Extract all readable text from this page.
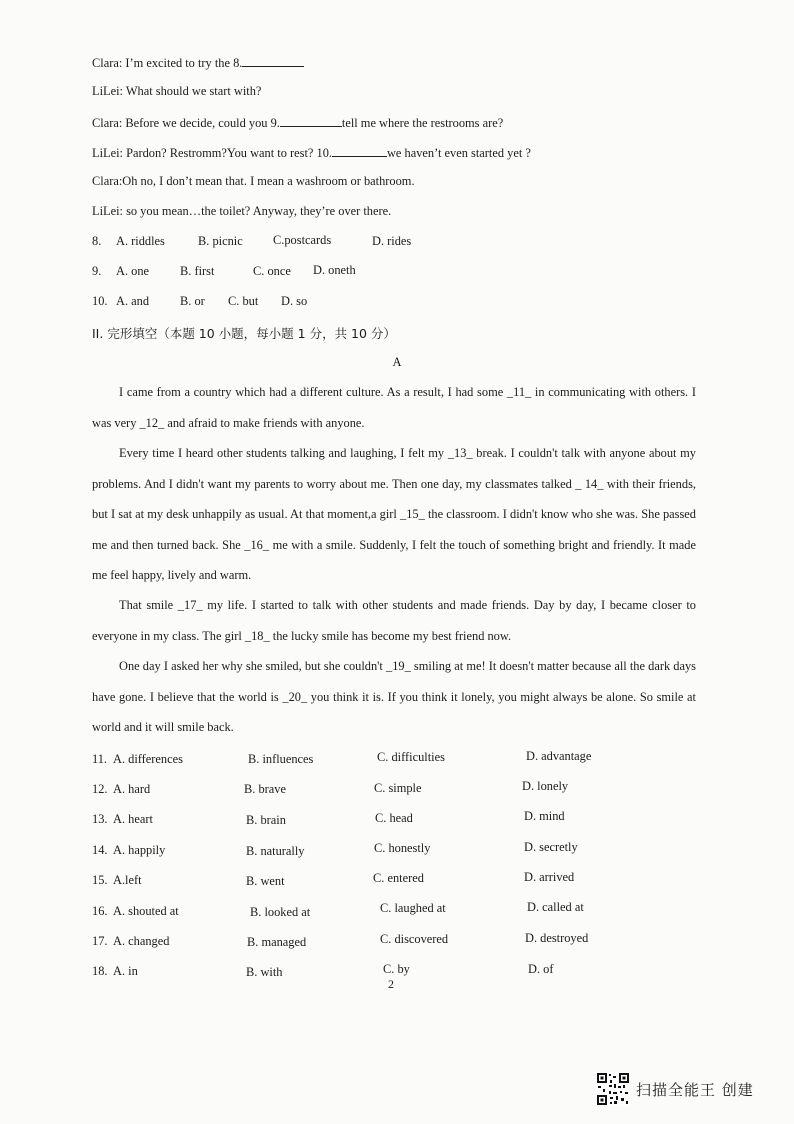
Clara: I’m excited to try the 8.
LiLei: What should we start with?
Clara: Before we decide, could you 9.	tell me where the restrooms are?
LiLei: Pardon? Restromm?You want to rest? 10.	we haven’t even started yet ?
Clara:Oh no, I don’t mean that. I mean a washroom or bathroom.
LiLei: so you mean…the toilet? Anyway, they’re over there.
8. A. riddles	B. picnic C.postcards	D. rides
9. A. one B. first	C. once D. oneth
10. A. and B. or C. but D. so
II. 完形填空（本题 10 小题，每小题 1 分，共 10 分）
A
I came from a country which had a different culture. As a result, I had some _11_ in communicating with others. I was very _12_ and afraid to make friends with anyone.
Every time I heard other students talking and laughing, I felt my _13_ break. I couldn't talk with anyone about my problems. And I didn't want my parents to worry about me. Then one day, my classmates talked _ 14_ with their friends, but I sat at my desk unhappily as usual. At that moment,a girl _15_ the classroom. I didn't know who she was. She passed me and then turned back. She _16_ me with a smile. Suddenly, I felt the touch of something bright and friendly. It made me feel happy, lively and warm.
That smile _17_ my life. I started to talk with other students and made friends. Day by day, I became closer to everyone in my class. The girl _18_ the lucky smile has become my best friend now.
One day I asked her why she smiled, but she couldn't _19_ smiling at me! It doesn't matter because all the dark days have gone. I believe that the world is _20_ you think it is. If you think it lonely, you might always be alone. So smile at world and it will smile back.
11. A. differences	B. influences	C. difficulties	D. advantage
12. A. hard	B. brave	C. simple	D. lonely
13. A. heart	B. brain	C. head	D. mind
14. A. happily	B. naturally	C. honestly	D. secretly
15. A.left	B. went	C. entered	D. arrived
16. A. shouted at	B. looked at	C. laughed at	D. called at
17. A. changed	B. managed	C. discovered	D. destroyed
18. A. in	B. with	C. by	D. of
2
扫描全能王 创建
